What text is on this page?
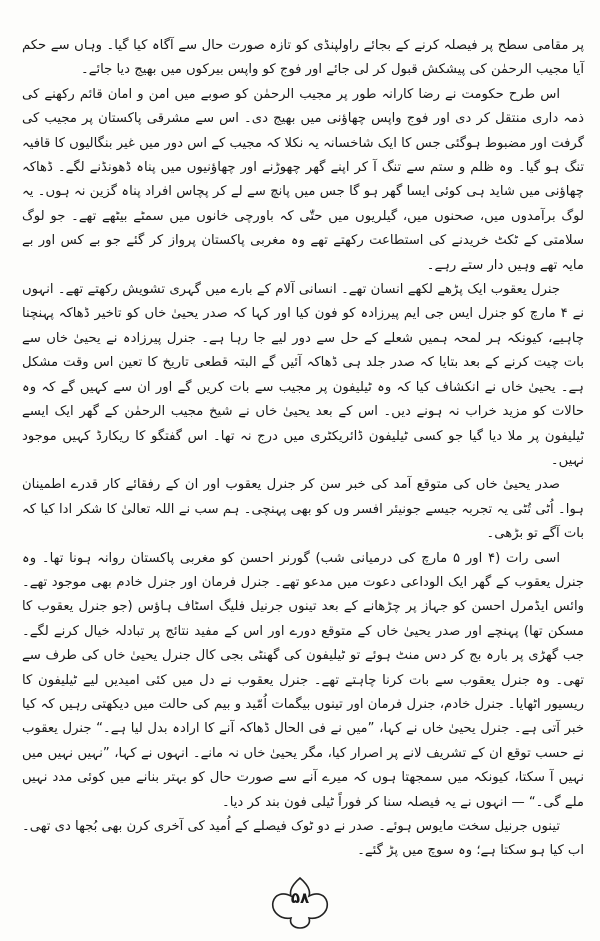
پر مقامی سطح پر فیصلہ کرنے کے بجائے راولپنڈی کو تازہ صورت حال سے آگاہ کیا گیا۔ وہاں سے حکم آیا مجیب الرحمٰن کی پیشکش قبول کر لی جائے اور فوج کو واپس بیرکوں میں بھیج دیا جائے۔

اس طرح حکومت نے رضا کارانہ طور پر مجیب الرحمٰن کو صوبے میں امن و امان قائم رکھنے کی ذمہ داری منتقل کر دی اور فوج واپس چھاؤنی میں بھیج دی۔ اس سے مشرقی پاکستان پر مجیب کی گرفت اور مضبوط ہوگئی جس کا ایک شاخسانہ یہ نکلا کہ مجیب کے اس دور میں غیر بنگالیوں کا قافیہ تنگ ہو گیا۔ وہ ظلم و ستم سے تنگ آ کر اپنے گھر چھوڑنے اور چھاؤنیوں میں پناہ ڈھونڈنے لگے۔ ڈھاکہ چھاؤنی میں شاید ہی کوئی ایسا گھر ہو گا جس میں پانچ سے لے کر پچاس افراد پناہ گزین نہ ہوں۔ یہ لوگ برآمدوں میں، صحنوں میں، گیلریوں میں حتّٰی کہ باورچی خانوں میں سمٹے بیٹھے تھے۔ جو لوگ سلامتی کے ٹکٹ خریدنے کی استطاعت رکھتے تھے وہ مغربی پاکستان پرواز کر گئے جو بے کس اور بے مایہ تھے وہیں دار ستے رہے۔

جنرل یعقوب ایک پڑھے لکھے انسان تھے۔ انسانی آلام کے بارے میں گہری تشویش رکھتے تھے۔ انہوں نے ۴ مارچ کو جنرل ایس جی ایم پیرزادہ کو فون کیا اور کہا کہ صدر یحییٰ خاں کو تاخیر ڈھاکہ پہنچنا چاہیے، کیونکہ ہر لمحہ ہمیں شعلے کے حل سے دور لیے جا رہا ہے۔ جنرل پیرزادہ نے یحییٰ خاں سے بات چیت کرنے کے بعد بتایا کہ صدر جلد ہی ڈھاکہ آئیں گے البتہ قطعی تاریخ کا تعین اس وقت مشکل ہے۔ یحییٰ خاں نے انکشاف کیا کہ وہ ٹیلیفون پر مجیب سے بات کریں گے اور ان سے کہیں گے کہ وہ حالات کو مزید خراب نہ ہونے دیں۔ اس کے بعد یحییٰ خاں نے شیخ مجیب الرحمٰن کے گھر ایک ایسے ٹیلیفون پر ملا دیا گیا جو کسی ٹیلیفون ڈائریکٹری میں درج نہ تھا۔ اس گفتگو کا ریکارڈ کہیں موجود نہیں۔

صدر یحییٰ خاں کی متوقع آمد کی خبر سن کر جنرل یعقوب اور ان کے رفقائے کار قدرے اطمینان ہوا۔ اُٹی تُٹی یہ تجربہ جیسے جونیئر افسر وں کو بھی پہنچی۔ ہم سب نے اللہ تعالیٰ کا شکر ادا کیا کہ بات آگے تو بڑھی۔

اسی رات (۴ اور ۵ مارچ کی درمیانی شب) گورنر احسن کو مغربی پاکستان روانہ ہونا تھا۔ وہ جنرل یعقوب کے گھر ایک الوداعی دعوت میں مدعو تھے۔ جنرل فرمان اور جنرل خادم بھی موجود تھے۔ وائس ایڈمرل احسن کو جہاز پر چڑھانے کے بعد تینوں جرنیل فلیگ اسٹاف ہاؤس (جو جنرل یعقوب کا مسکن تھا) پہنچے اور صدر یحییٰ خاں کے متوقع دورے اور اس کے مفید نتائج پر تبادلہ خیال کرنے لگے۔ جب گھڑی پر بارہ بج کر دس منٹ ہوئے تو ٹیلیفون کی گھنٹی بجی کال جنرل یحییٰ خاں کی طرف سے تھی۔ وہ جنرل یعقوب سے بات کرنا چاہتے تھے۔ جنرل یعقوب نے دل میں کئی امیدیں لیے ٹیلیفون کا ریسیور اٹھایا۔ جنرل خادم، جنرل فرمان اور تینوں بیگمات اُمّید و بیم کی حالت میں دیکھتی رہیں کہ کیا خبر آتی ہے۔ جنرل یحییٰ خاں نے کہا، ”میں نے فی الحال ڈھاکہ آنے کا ارادہ بدل لیا ہے۔“ جنرل یعقوب نے حسب توقع ان کے تشریف لانے پر اصرار کیا، مگر یحییٰ خاں نہ مانے۔ انہوں نے کہا، ”نہیں نہیں میں نہیں آ سکتا، کیونکہ میں سمجھتا ہوں کہ میرے آنے سے صورت حال کو بہتر بنانے میں کوئی مدد نہیں ملے گی۔“ — انہوں نے یہ فیصلہ سنا کر فوراً ٹیلی فون بند کر دیا۔

تینوں جرنیل سخت مایوس ہوئے۔ صدر نے دو ٹوک فیصلے کے اُمید کی آخری کرن بھی بُجھا دی تھی۔ اب کیا ہو سکتا ہے؛ وہ سوچ میں پڑ گئے۔

۵۸
